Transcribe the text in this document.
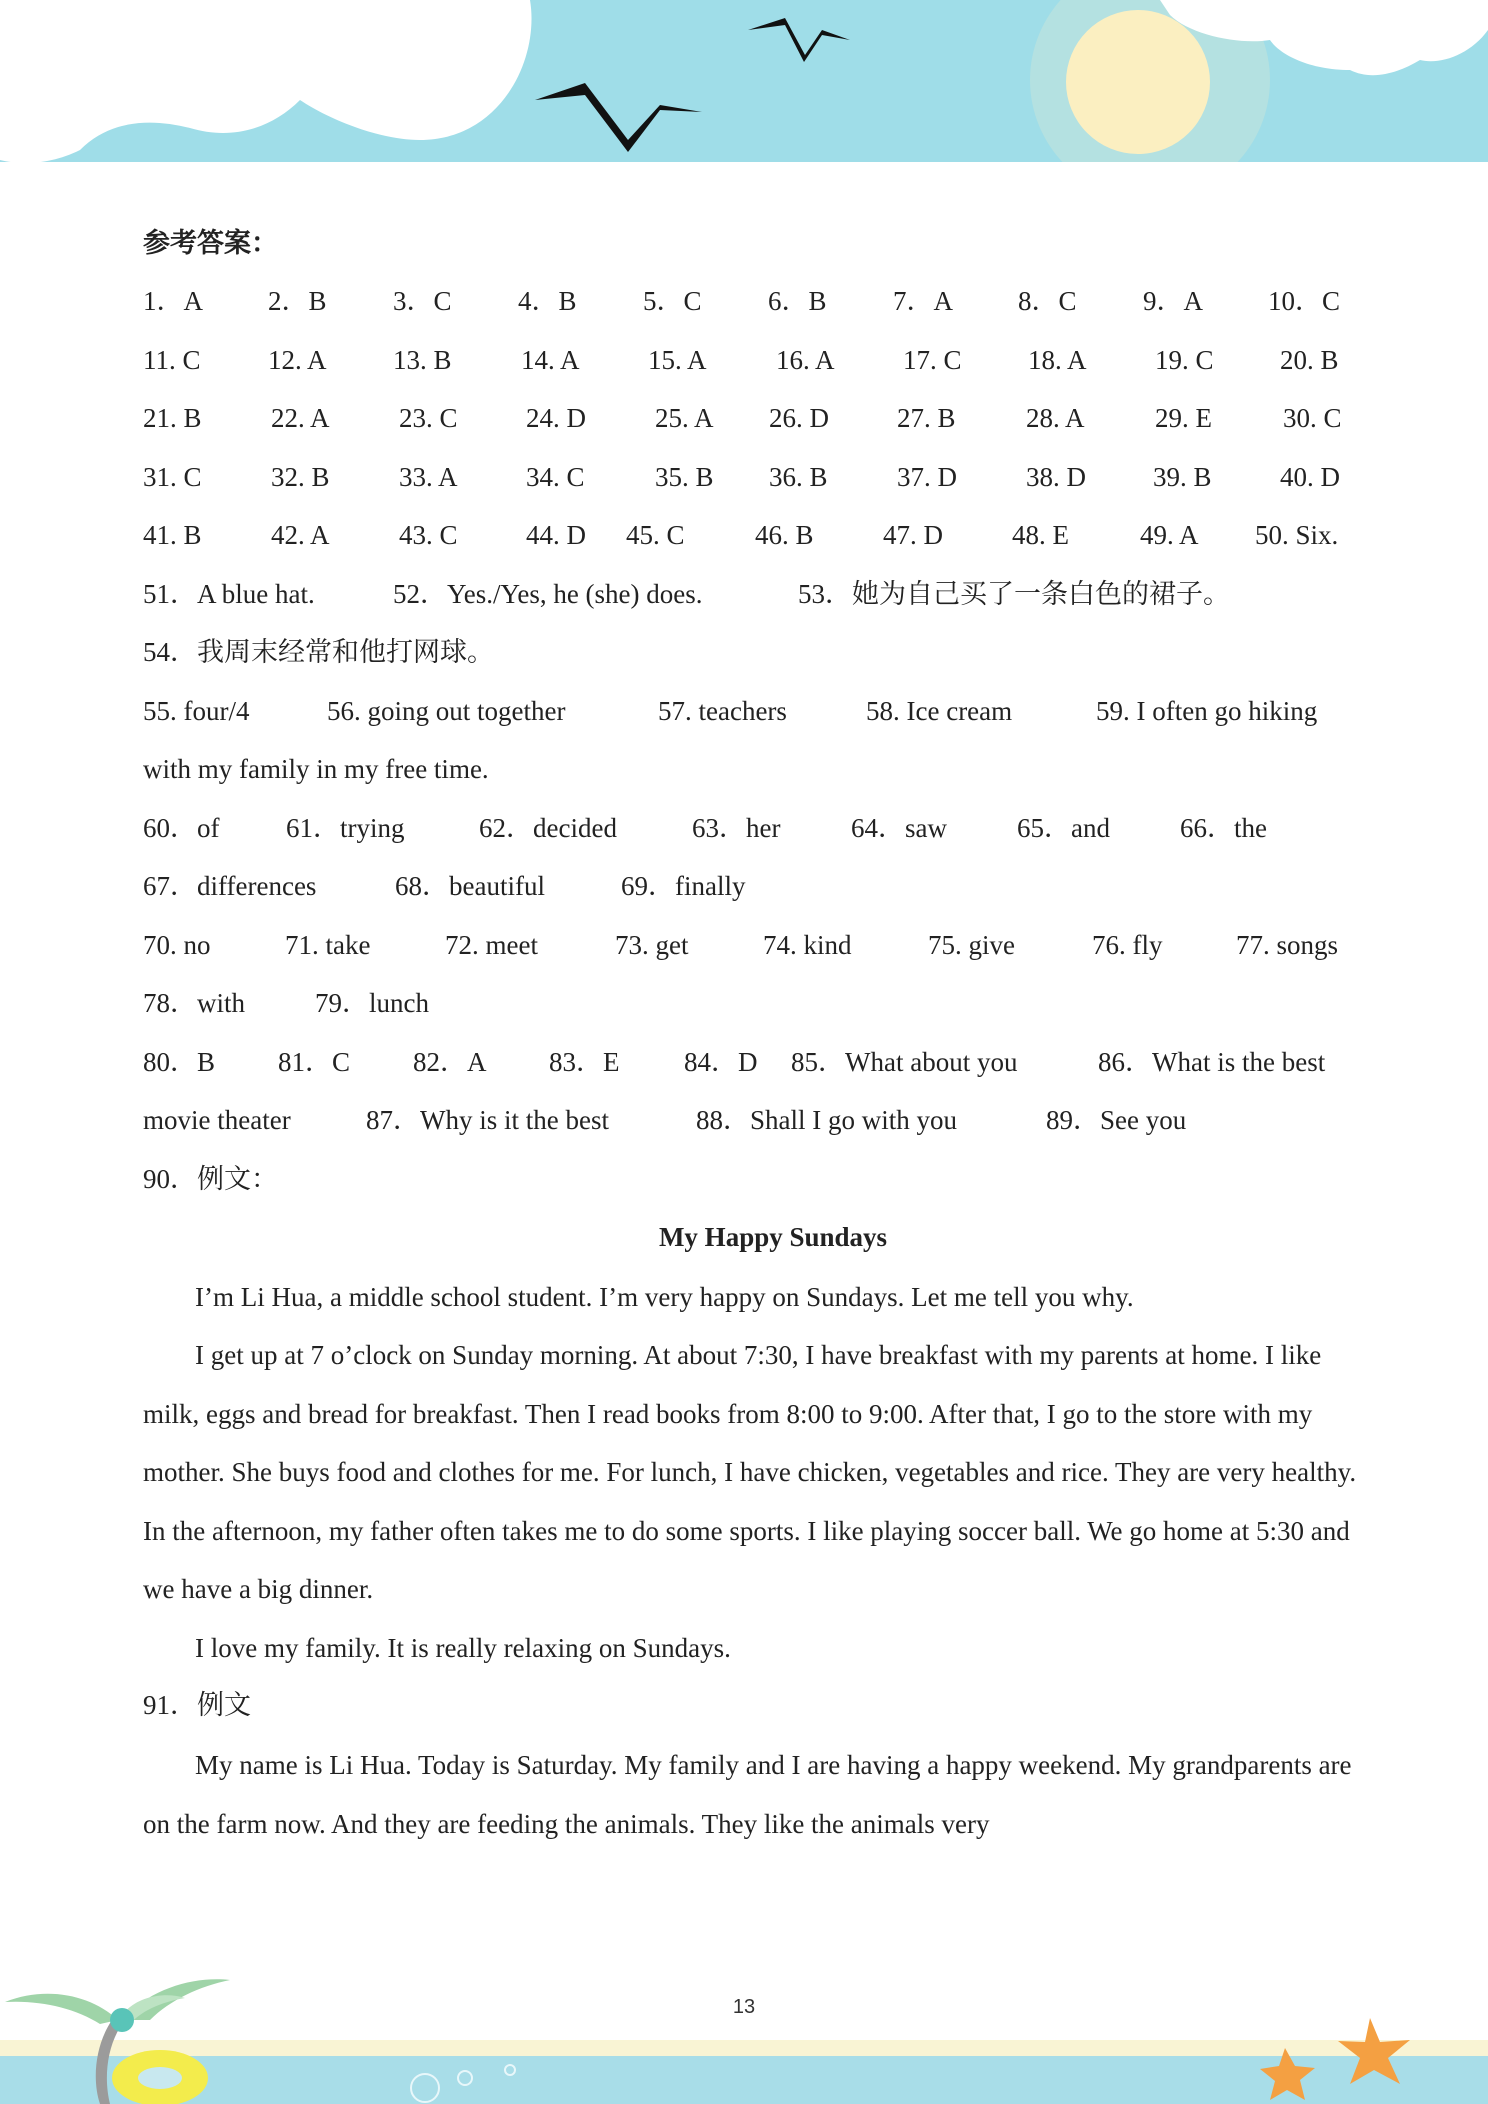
参考答案：
1．A 2．B 3．C 4．B 5．C 6．B 7．A 8．C 9．A 10．C
11. C 12. A 13. B	14. A	15. A	16. A	17. C 18. A	19. C 20. B
21. B	22. A	23. C	24. D	25. A 26. D	27. B	28. A	29. E	30. C
31. C	32. B	33. A	34. C	35. B 36. B	37. D	38. D 39. B	40. D
41. B	42. A	43. C	44. D 45. C	46. B	47. D	48. E	49. A 50. Six.
51．A blue hat.	52．Yes./Yes, he (she) does.	53．她为自己买了一条白色的裙子。
54．我周末经常和他打网球。
55. four/4	56. going out together	57. teachers	58. Ice cream	59. I often go hiking
with my family in my free time.
60．of 61．trying	62．decided	63．her	64．saw	65．and	66．the
67．differences	68．beautiful	69．finally
70. no	71. take	72. meet	73. get	74. kind	75. give	76. fly	77. songs
78．with	79．lunch
80．B 81．C 82．A 83．E 84．D 85．What about you	86．What is the best
movie theater	87．Why is it the best	88．Shall I go with you	89．See you
90．例文：
My Happy Sundays
I’m Li Hua, a middle school student. I’m very happy on Sundays. Let me tell you why.
I get up at 7 o’clock on Sunday morning. At about 7:30, I have breakfast with my parents at home. I like milk, eggs and bread for breakfast. Then I read books from 8:00 to 9:00. After that, I go to the store with my mother. She buys food and clothes for me. For lunch, I have chicken, vegetables and rice. They are very healthy. In the afternoon, my father often takes me to do some sports. I like playing soccer ball. We go home at 5:30 and we have a big dinner.
I love my family. It is really relaxing on Sundays.
91．例文
My name is Li Hua. Today is Saturday. My family and I are having a happy weekend. My grandparents are on the farm now. And they are feeding the animals. They like the animals very
13
